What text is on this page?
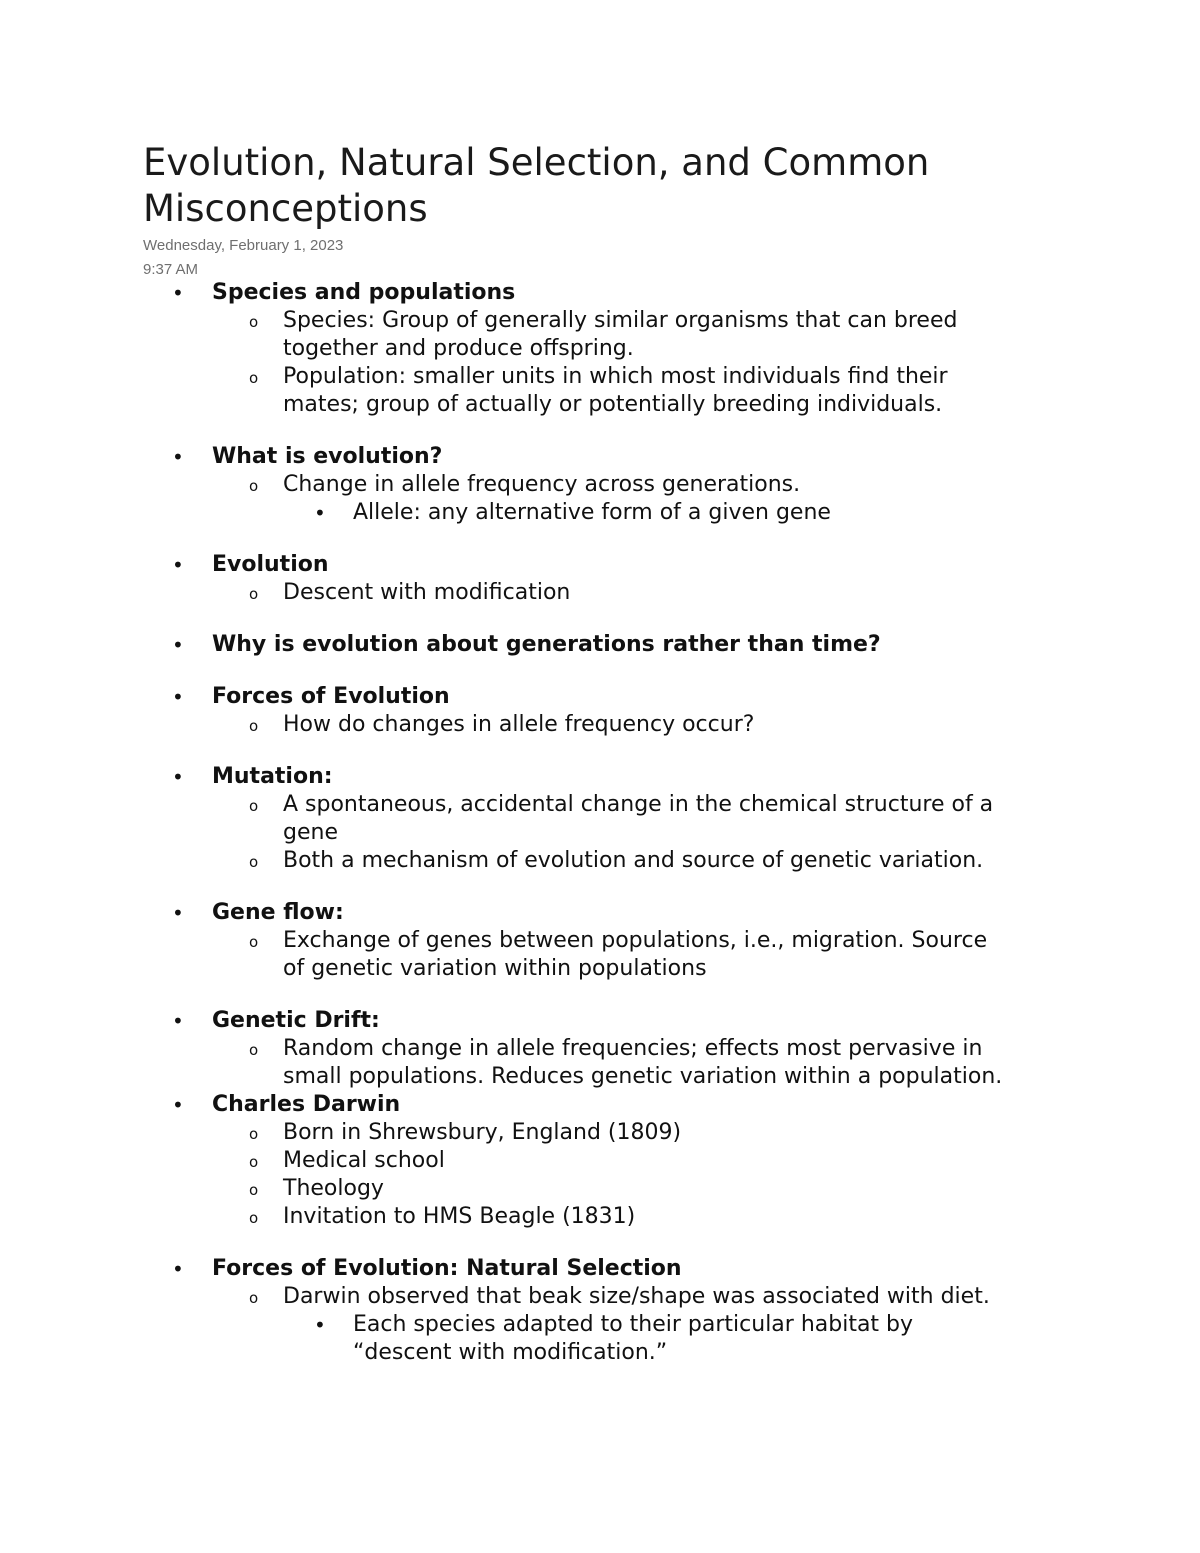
Evolution, Natural Selection, and Common
Misconceptions
Wednesday, February 1, 2023
9:37 AM
• Species and populations
o Species: Group of generally similar organisms that can breed
together and produce offspring.
o Population: smaller units in which most individuals find their
mates; group of actually or potentially breeding individuals.
• What is evolution?
o Change in allele frequency across generations.
• Allele: any alternative form of a given gene
• Evolution
o Descent with modification
• Why is evolution about generations rather than time?
• Forces of Evolution
o How do changes in allele frequency occur?
• Mutation:
o A spontaneous, accidental change in the chemical structure of a
gene
o Both a mechanism of evolution and source of genetic variation.
• Gene flow:
o Exchange of genes between populations, i.e., migration. Source
of genetic variation within populations
• Genetic Drift:
o Random change in allele frequencies; effects most pervasive in
small populations. Reduces genetic variation within a population.
• Charles Darwin
o Born in Shrewsbury, England (1809)
o Medical school
o Theology
o Invitation to HMS Beagle (1831)
• Forces of Evolution: Natural Selection
o Darwin observed that beak size/shape was associated with diet.
• Each species adapted to their particular habitat by
“descent with modification.”
